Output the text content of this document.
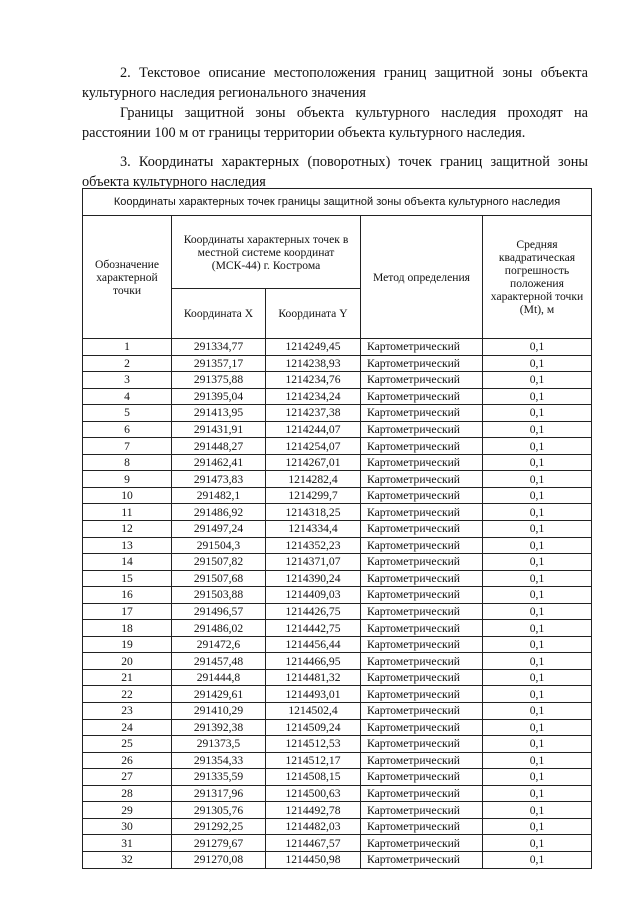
2. Текстовое описание местоположения границ защитной зоны объекта культурного наследия регионального значения

Границы защитной зоны объекта культурного наследия проходят на расстоянии 100 м от границы территории объекта культурного наследия.

3. Координаты характерных (поворотных) точек границ защитной зоны объекта культурного наследия

Координаты характерных точек границы защитной зоны объекта культурного наследия				
Обозначение характерной точки	Координаты характерных точек в местной системе координат (МСК-44) г. Кострома		Метод определения	Средняя квадратическая погрешность положения характерной точки (Mt), м
	Координата X	Координата Y		
1	291334,77	1214249,45	Картометрический	0,1
2	291357,17	1214238,93	Картометрический	0,1
3	291375,88	1214234,76	Картометрический	0,1
4	291395,04	1214234,24	Картометрический	0,1
5	291413,95	1214237,38	Картометрический	0,1
6	291431,91	1214244,07	Картометрический	0,1
7	291448,27	1214254,07	Картометрический	0,1
8	291462,41	1214267,01	Картометрический	0,1
9	291473,83	1214282,4	Картометрический	0,1
10	291482,1	1214299,7	Картометрический	0,1
11	291486,92	1214318,25	Картометрический	0,1
12	291497,24	1214334,4	Картометрический	0,1
13	291504,3	1214352,23	Картометрический	0,1
14	291507,82	1214371,07	Картометрический	0,1
15	291507,68	1214390,24	Картометрический	0,1
16	291503,88	1214409,03	Картометрический	0,1
17	291496,57	1214426,75	Картометрический	0,1
18	291486,02	1214442,75	Картометрический	0,1
19	291472,6	1214456,44	Картометрический	0,1
20	291457,48	1214466,95	Картометрический	0,1
21	291444,8	1214481,32	Картометрический	0,1
22	291429,61	1214493,01	Картометрический	0,1
23	291410,29	1214502,4	Картометрический	0,1
24	291392,38	1214509,24	Картометрический	0,1
25	291373,5	1214512,53	Картометрический	0,1
26	291354,33	1214512,17	Картометрический	0,1
27	291335,59	1214508,15	Картометрический	0,1
28	291317,96	1214500,63	Картометрический	0,1
29	291305,76	1214492,78	Картометрический	0,1
30	291292,25	1214482,03	Картометрический	0,1
31	291279,67	1214467,57	Картометрический	0,1
32	291270,08	1214450,98	Картометрический	0,1
